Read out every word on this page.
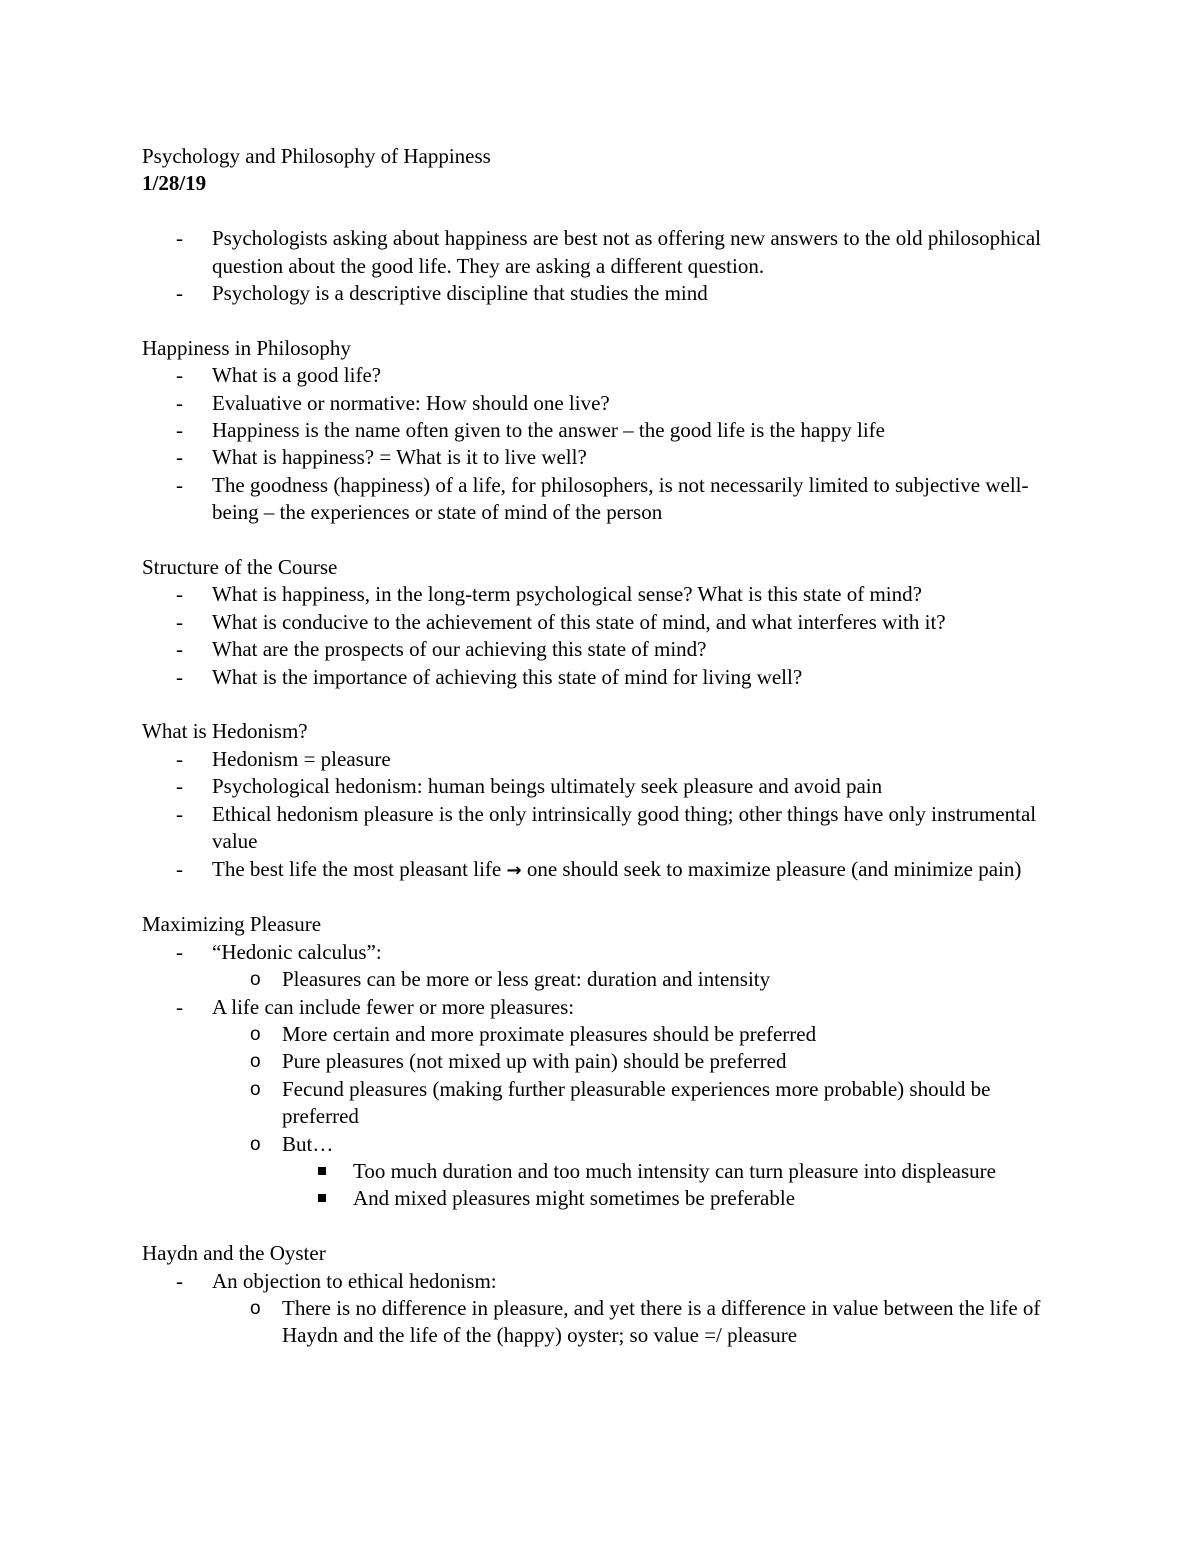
Psychology and Philosophy of Happiness

1/28/19

- Psychologists asking about happiness are best not as offering new answers to the old philosophical question about the good life. They are asking a different question.
- Psychology is a descriptive discipline that studies the mind

Happiness in Philosophy

- What is a good life?
- Evaluative or normative: How should one live?
- Happiness is the name often given to the answer – the good life is the happy life
- What is happiness? = What is it to live well?
- The goodness (happiness) of a life, for philosophers, is not necessarily limited to subjective well-being – the experiences or state of mind of the person

Structure of the Course

- What is happiness, in the long-term psychological sense? What is this state of mind?
- What is conducive to the achievement of this state of mind, and what interferes with it?
- What are the prospects of our achieving this state of mind?
- What is the importance of achieving this state of mind for living well?

What is Hedonism?

- Hedonism = pleasure
- Psychological hedonism: human beings ultimately seek pleasure and avoid pain
- Ethical hedonism pleasure is the only intrinsically good thing; other things have only instrumental value
- The best life the most pleasant life → one should seek to maximize pleasure (and minimize pain)

Maximizing Pleasure

- “Hedonic calculus”:
o Pleasures can be more or less great: duration and intensity
- A life can include fewer or more pleasures:
o More certain and more proximate pleasures should be preferred
o Pure pleasures (not mixed up with pain) should be preferred
o Fecund pleasures (making further pleasurable experiences more probable) should be preferred
o But…
Too much duration and too much intensity can turn pleasure into displeasure
And mixed pleasures might sometimes be preferable

Haydn and the Oyster

- An objection to ethical hedonism:
o There is no difference in pleasure, and yet there is a difference in value between the life of Haydn and the life of the (happy) oyster; so value =/ pleasure
